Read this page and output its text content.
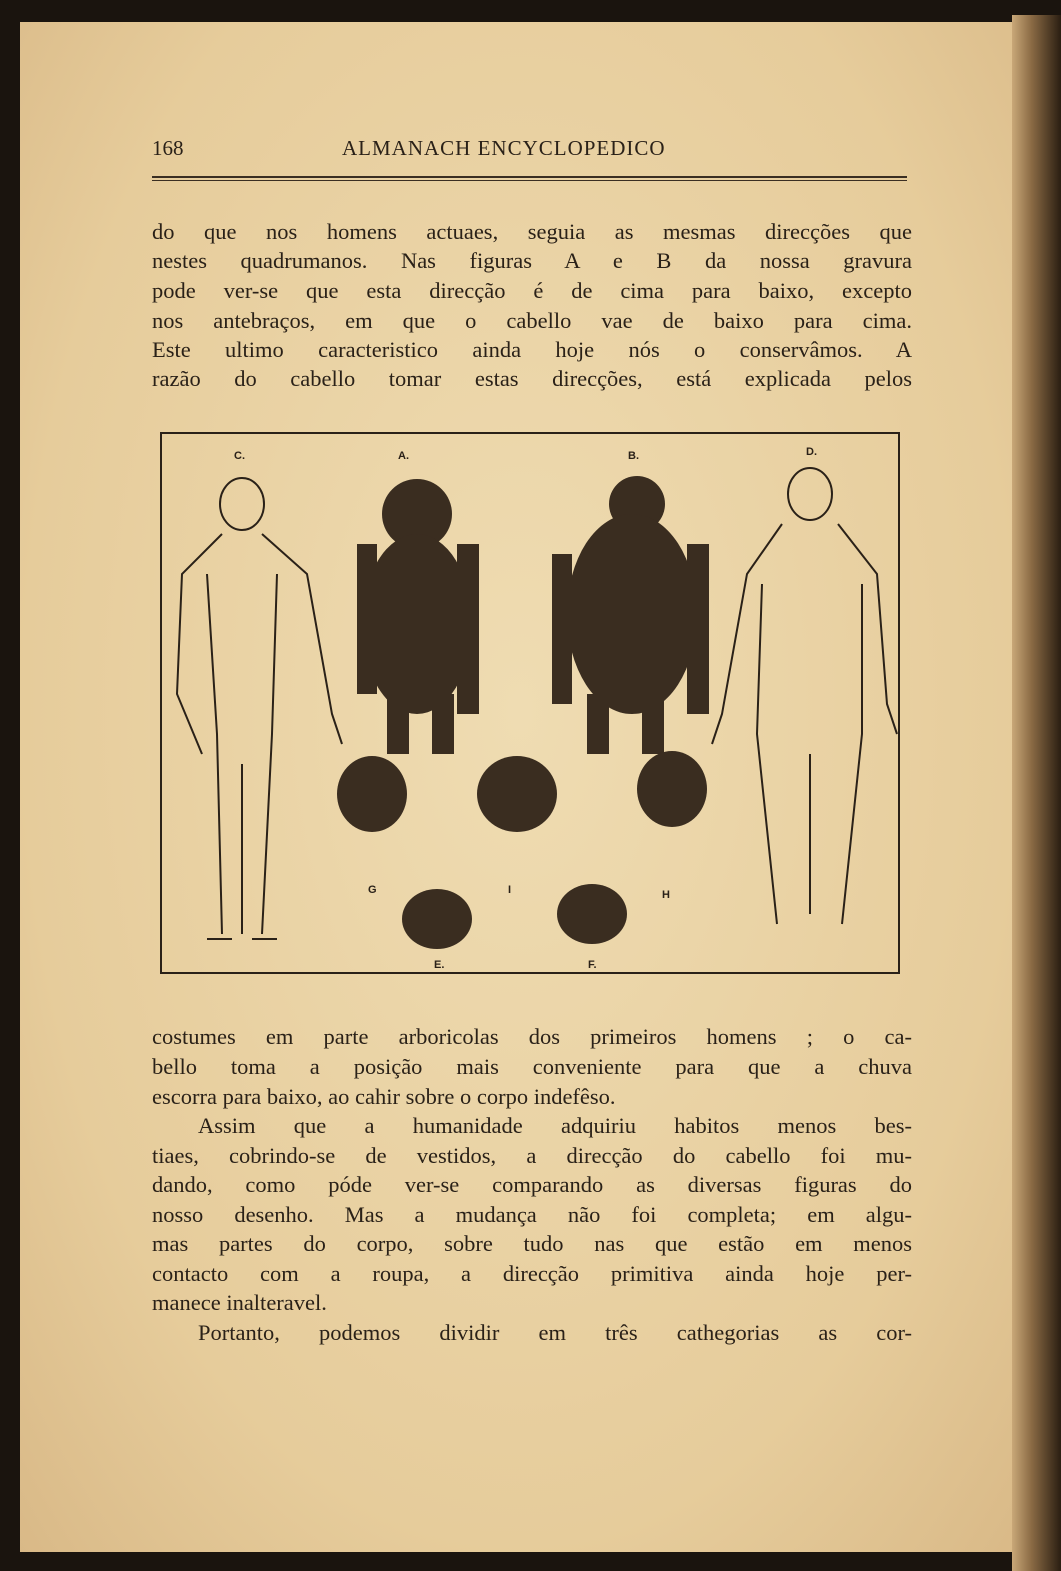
168	ALMANACH ENCYCLOPEDICO
do que nos homens actuaes, seguia as mesmas direcções que
nestes quadrumanos. Nas figuras A e B da nossa gravura
pode ver-se que esta direcção é de cima para baixo, excepto
nos antebraços, em que o cabello vae de baixo para cima.
Este ultimo caracteristico ainda hoje nós o conservâmos. A
razão do cabello tomar estas direcções, está explicada pelos
C.	A.	B.	D.
G	I	H
E.	F.
costumes em parte arboricolas dos primeiros homens ; o ca-
bello toma a posição mais conveniente para que a chuva
escorra para baixo, ao cahir sobre o corpo indefêso.
Assim que a humanidade adquiriu habitos menos bes-
tiaes, cobrindo-se de vestidos, a direcção do cabello foi mu-
dando, como póde ver-se comparando as diversas figuras do
nosso desenho. Mas a mudança não foi completa; em algu-
mas partes do corpo, sobre tudo nas que estão em menos
contacto com a roupa, a direcção primitiva ainda hoje per-
manece inalteravel.
Portanto, podemos dividir em três cathegorias as cor-
